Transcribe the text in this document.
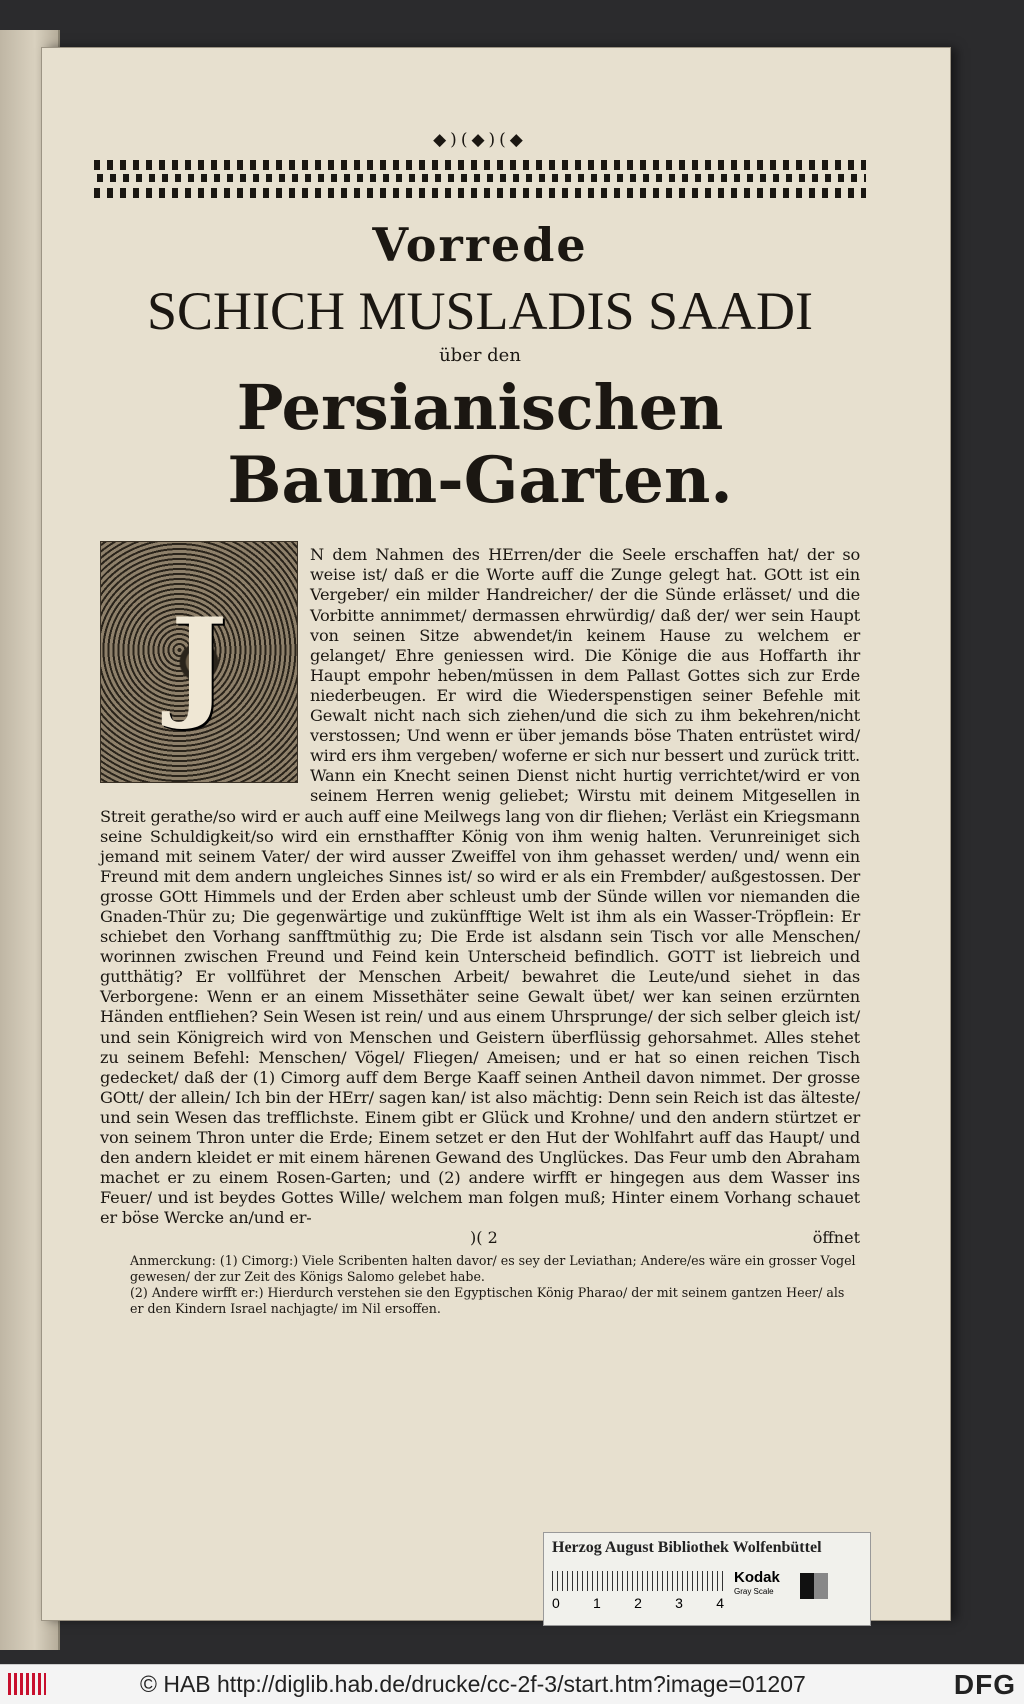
◆)(◆)(◆
Vorrede
SCHICH MUSLADIS SAADI
über den
Persianischen
Baum-Garten.
J

N dem Nahmen des HErren/der die Seele erschaffen hat/ der so weise ist/ daß er die Worte auff die Zunge gelegt hat. GOtt ist ein Vergeber/ ein milder Handreicher/ der die Sünde erlässet/ und die Vorbitte annimmet/ dermassen ehrwürdig/ daß der/ wer sein Haupt von seinen Sitze abwendet/in keinem Hause zu welchem er gelanget/ Ehre geniessen wird. Die Könige die aus Hoffarth ihr Haupt empohr heben/müssen in dem Pallast Gottes sich zur Erde niederbeugen. Er wird die Wiederspenstigen seiner Befehle mit Gewalt nicht nach sich ziehen/und die sich zu ihm bekehren/nicht verstossen; Und wenn er über jemands böse Thaten entrüstet wird/ wird ers ihm vergeben/ woferne er sich nur bessert und zurück tritt. Wann ein Knecht seinen Dienst nicht hurtig verrichtet/wird er von seinem Herren wenig geliebet; Wirstu mit deinem Mitgesellen in Streit gerathe/so wird er auch auff eine Meilwegs lang von dir fliehen; Verläst ein Kriegsmann seine Schuldigkeit/so wird ein ernsthaffter König von ihm wenig halten. Verunreiniget sich jemand mit seinem Vater/ der wird ausser Zweiffel von ihm gehasset werden/ und/ wenn ein Freund mit dem andern ungleiches Sinnes ist/ so wird er als ein Frembder/ außgestossen. Der grosse GOtt Himmels und der Erden aber schleust umb der Sünde willen vor niemanden die Gnaden-Thür zu; Die gegenwärtige und zukünfftige Welt ist ihm als ein Wasser-Tröpflein: Er schiebet den Vorhang sanfftmüthig zu; Die Erde ist alsdann sein Tisch vor alle Menschen/ worinnen zwischen Freund und Feind kein Unterscheid befindlich. GOTT ist liebreich und gutthätig? Er vollführet der Menschen Arbeit/ bewahret die Leute/und siehet in das Verborgene: Wenn er an einem Missethäter seine Gewalt übet/ wer kan seinen erzürnten Händen entfliehen? Sein Wesen ist rein/ und aus einem Uhrsprunge/ der sich selber gleich ist/ und sein Königreich wird von Menschen und Geistern überflüssig gehorsahmet. Alles stehet zu seinem Befehl: Menschen/ Vögel/ Fliegen/ Ameisen; und er hat so einen reichen Tisch gedecket/ daß der (1) Cimorg auff dem Berge Kaaff seinen Antheil davon nimmet. Der grosse GOtt/ der allein/ Ich bin der HErr/ sagen kan/ ist also mächtig: Denn sein Reich ist das älteste/ und sein Wesen das trefflichste. Einem gibt er Glück und Krohne/ und den andern stürtzet er von seinem Thron unter die Erde; Einem setzet er den Hut der Wohlfahrt auff das Haupt/ und den andern kleidet er mit einem härenen Gewand des Unglückes. Das Feur umb den Abraham machet er zu einem Rosen-Garten; und (2) andere wirfft er hingegen aus dem Wasser ins Feuer/ und ist beydes Gottes Wille/ welchem man folgen muß; Hinter einem Vorhang schauet er böse Wercke an/und er-

)( 2	öffnet

Anmerckung: (1) Cimorg:) Viele Scribenten halten davor/ es sey der Leviathan; Andere/es wäre ein grosser Vogel gewesen/ der zur Zeit des Königs Salomo gelebet habe.

(2) Andere wirfft er:) Hierdurch verstehen sie den Egyptischen König Pharao/ der mit seinem gantzen Heer/ als er den Kindern Israel nachjagte/ im Nil ersoffen.

Herzog August Bibliothek Wolfenbüttel
0 1 2 3 4
Kodak
Gray Scale
© HAB http://diglib.hab.de/drucke/cc-2f-3/start.htm?image=01207	DFG
